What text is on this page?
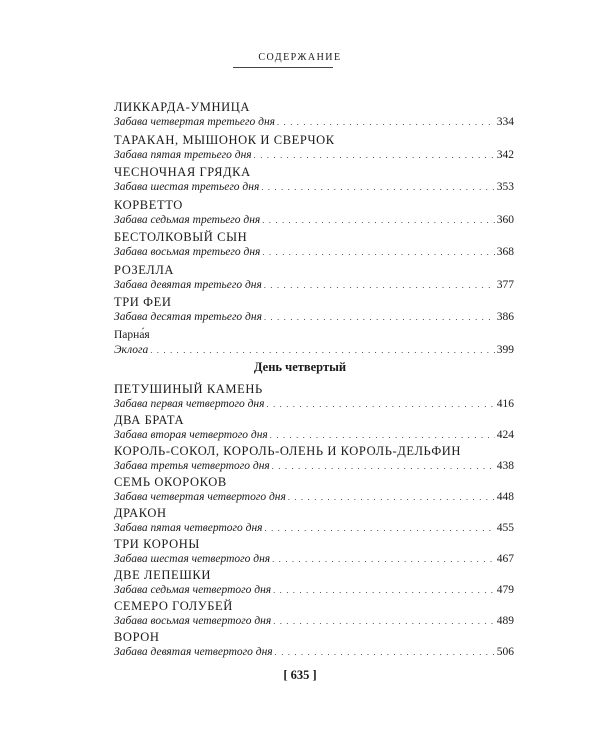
СОДЕРЖАНИЕ
ЛИККАРДА-УМНИЦА
Забава четвертая третьего дня . . .	334
ТАРАКАН, МЫШОНОК И СВЕРЧОК
Забава пятая третьего дня . . .	342
ЧЕСНОЧНАЯ ГРЯДКА
Забава шестая третьего дня . . .	353
КОРВЕТТО
Забава седьмая третьего дня . . .	360
БЕСТОЛКОВЫЙ СЫН
Забава восьмая третьего дня . . .	368
РОЗЕЛЛА
Забава девятая третьего дня . . .	377
ТРИ ФЕИ
Забава десятая третьего дня . . .	386
Парна́я
Эклога . . .	399
День четвертый
ПЕТУШИНЫЙ КАМЕНЬ
Забава первая четвертого дня . . .	416
ДВА БРАТА
Забава вторая четвертого дня . . .	424
КОРОЛЬ-СОКОЛ, КОРОЛЬ-ОЛЕНЬ И КОРОЛЬ-ДЕЛЬФИН
Забава третья четвертого дня . . .	438
СЕМЬ ОКОРОКОВ
Забава четвертая четвертого дня . . .	448
ДРАКОН
Забава пятая четвертого дня . . .	455
ТРИ КОРОНЫ
Забава шестая четвертого дня . . .	467
ДВЕ ЛЕПЕШКИ
Забава седьмая четвертого дня . . .	479
СЕМЕРО ГОЛУБЕЙ
Забава восьмая четвертого дня . . .	489
ВОРОН
Забава девятая четвертого дня . . .	506
[ 635 ]
